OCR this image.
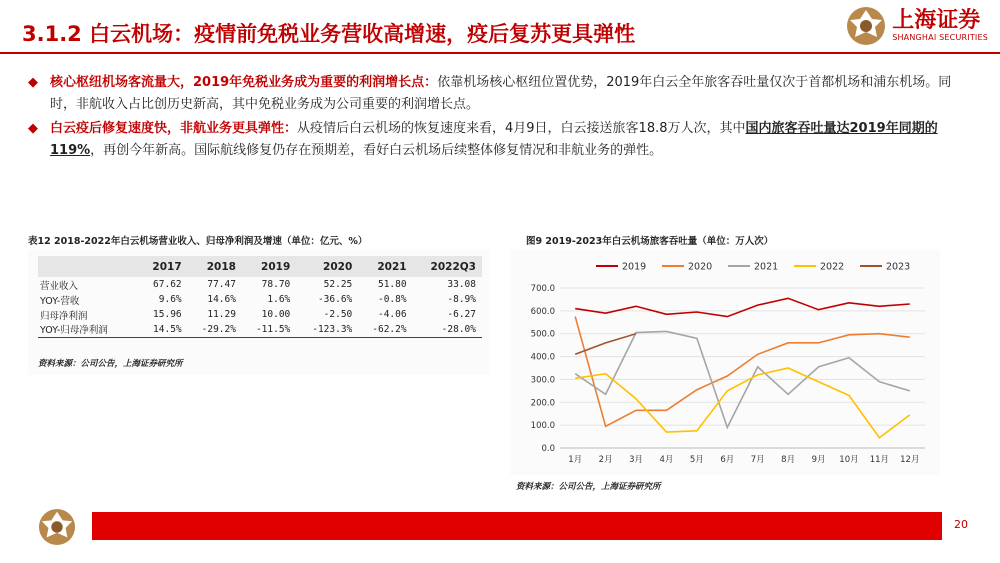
3.1.2 白云机场：疫情前免税业务营收高增速，疫后复苏更具弹性
上海证券
SHANGHAI SECURITIES
◆ 核心枢纽机场客流量大，2019年免税业务成为重要的利润增长点：依靠机场核心枢纽位置优势，2019年白云全年旅客吞吐量仅次于首都机场和浦东机场。同时，非航收入占比创历史新高，其中免税业务成为公司重要的利润增长点。
◆ 白云疫后修复速度快，非航业务更具弹性：从疫情后白云机场的恢复速度来看，4月9日，白云接送旅客18.8万人次，其中国内旅客吞吐量达2019年同期的119%，再创今年新高。国际航线修复仍存在预期差，看好白云机场后续整体修复情况和非航业务的弹性。
表12 2018-2022年白云机场营业收入、归母净利润及增速（单位：亿元、%）
	2017	2018	2019	2020	2021	2022Q3
营业收入	67.62	77.47	78.70	52.25	51.80	33.08
YOY-营收	9.6%	14.6%	1.6%	-36.6%	-0.8%	-8.9%
归母净利润	15.96	11.29	10.00	-2.50	-4.06	-6.27
YOY-归母净利润	14.5%	-29.2%	-11.5%	-123.3%	-62.2%	-28.0%
资料来源：公司公告，上海证券研究所
图9 2019-2023年白云机场旅客吞吐量（单位：万人次）
0.0
100.0
200.0
300.0
400.0
500.0
600.0
700.0
1月 2月 3月 4月 5月 6月 7月 8月 9月 10月 11月 12月
2019	2020	2021	2022	2023
资料来源：公司公告，上海证券研究所
20
